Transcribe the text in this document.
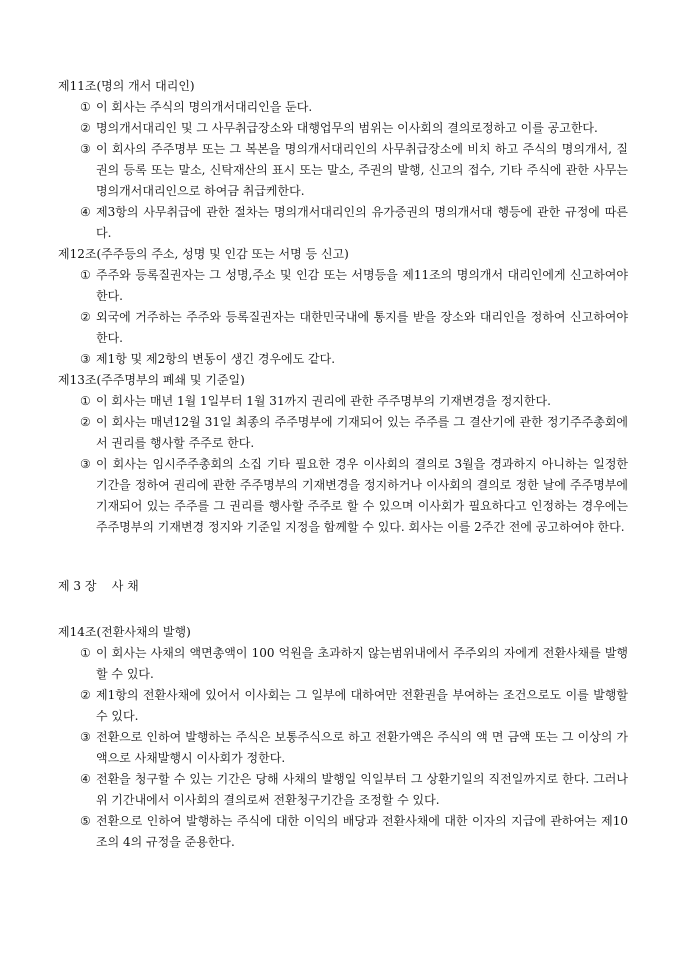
제11조(명의 개서 대리인)
① 이 회사는 주식의 명의개서대리인을 둔다.
② 명의개서대리인 및 그 사무취급장소와 대행업무의 범위는 이사회의 결의로정하고 이를 공고한다.
③ 이 회사의 주주명부 또는 그 복본을 명의개서대리인의 사무취급장소에 비치 하고 주식의 명의개서, 질권의 등록 또는 말소, 신탁재산의 표시 또는 말소, 주권의 발행, 신고의 접수, 기타 주식에 관한 사무는 명의개서대리인으로 하여금 취급케한다.
④ 제3항의 사무취급에 관한 절차는 명의개서대리인의 유가증권의 명의개서대 행등에 관한 규정에 따른다.
제12조(주주등의 주소, 성명 및 인감 또는 서명 등 신고)
① 주주와 등록질권자는 그 성명,주소 및 인감 또는 서명등을 제11조의 명의개서 대리인에게 신고하여야 한다.
② 외국에 거주하는 주주와 등록질권자는 대한민국내에 통지를 받을 장소와 대리인을 정하여 신고하여야 한다.
③ 제1항 및 제2항의 변동이 생긴 경우에도 같다.
제13조(주주명부의 폐쇄 및 기준일)
① 이 회사는 매년 1월 1일부터 1월 31까지 권리에 관한 주주명부의 기재변경을 정지한다.
② 이 회사는 매년12월 31일 최종의 주주명부에 기재되어 있는 주주를 그 결산기에 관한 정기주주총회에서 권리를 행사할 주주로 한다.
③ 이 회사는 임시주주총회의 소집 기타 필요한 경우 이사회의 결의로 3월을 경과하지 아니하는 일정한 기간을 정하여 권리에 관한 주주명부의 기재변경을 정지하거나 이사회의 결의로 정한 날에 주주명부에 기재되어 있는 주주를 그 권리를 행사할 주주로 할 수 있으며 이사회가 필요하다고 인정하는 경우에는 주주명부의 기재변경 정지와 기준일 지정을 함께할 수 있다. 회사는 이를 2주간 전에 공고하여야 한다.
제 3 장    사 채
제14조(전환사채의 발행)
① 이 회사는 사채의 액면총액이 100 억원을 초과하지 않는범위내에서 주주외의 자에게 전환사채를 발행할 수 있다.
② 제1항의 전환사채에 있어서 이사회는 그 일부에 대하여만 전환권을 부여하는 조건으로도 이를 발행할 수 있다.
③ 전환으로 인하여 발행하는 주식은 보통주식으로 하고 전환가액은 주식의 액 면 금액 또는 그 이상의 가액으로 사채발행시 이사회가 정한다.
④ 전환을 청구할 수 있는 기간은 당해 사채의 발행일 익일부터 그 상환기일의 직전일까지로 한다. 그러나 위 기간내에서 이사회의 결의로써 전환청구기간을 조정할 수 있다.
⑤ 전환으로 인하여 발행하는 주식에 대한 이익의 배당과 전환사채에 대한 이자의 지급에 관하여는 제10조의 4의 규정을 준용한다.
